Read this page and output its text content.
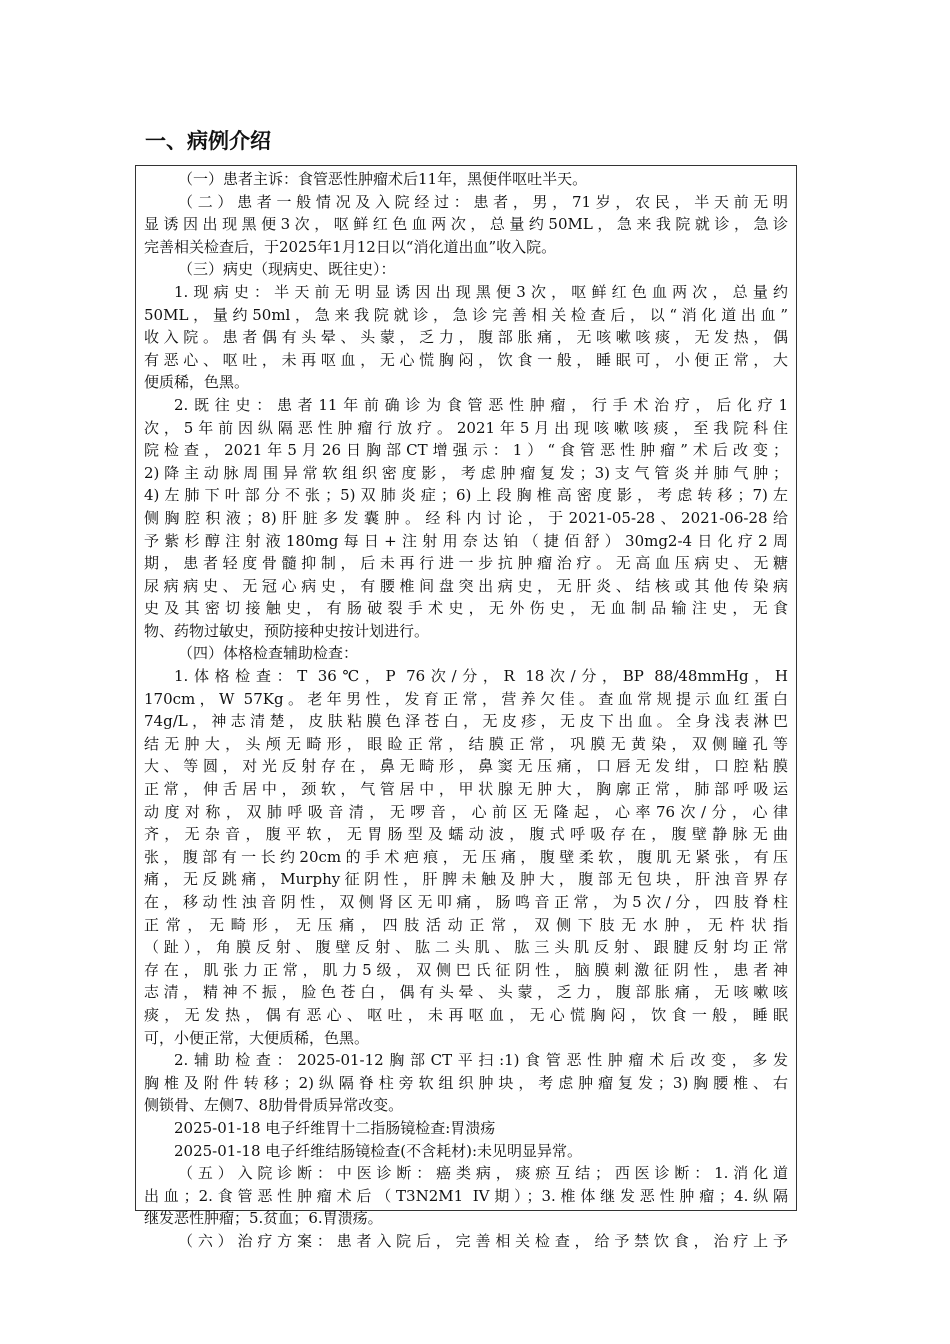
一、病例介绍
（一）患者主诉：食管恶性肿瘤术后11年，黑便伴呕吐半天。
（二）患者一般情况及入院经过：患者，男，71岁，农民，半天前无明
显诱因出现黑便3次，呕鲜红色血两次，总量约50ML，急来我院就诊，急诊
完善相关检查后，于2025年1月12日以“消化道出血”收入院。
（三）病史（现病史、既往史）：
1.现病史：半天前无明显诱因出现黑便3次，呕鲜红色血两次，总量约
50ML，量约50ml，急来我院就诊，急诊完善相关检查后，以“消化道出血”
收入院。患者偶有头晕、头蒙，乏力，腹部胀痛，无咳嗽咳痰，无发热，偶
有恶心、呕吐，未再呕血，无心慌胸闷，饮食一般，睡眠可，小便正常，大
便质稀，色黑。
2.既往史：患者11年前确诊为食管恶性肿瘤，行手术治疗，后化疗1
次，5年前因纵隔恶性肿瘤行放疗。2021年5月出现咳嗽咳痰，至我院科住
院检查，2021年5月26日胸部CT增强示：1）“食管恶性肿瘤”术后改变；
2)降主动脉周围异常软组织密度影，考虑肿瘤复发；3)支气管炎并肺气肿；
4)左肺下叶部分不张；5)双肺炎症；6)上段胸椎高密度影，考虑转移；7)左
侧胸腔积液；8)肝脏多发囊肿。经科内讨论，于2021-05-28、2021-06-28给
予紫杉醇注射液180mg每日+注射用奈达铂（捷佰舒）30mg2-4日化疗2周
期，患者轻度骨髓抑制，后未再行进一步抗肿瘤治疗。无高血压病史、无糖
尿病病史、无冠心病史，有腰椎间盘突出病史，无肝炎、结核或其他传染病
史及其密切接触史，有肠破裂手术史，无外伤史，无血制品输注史，无食
物、药物过敏史，预防接种史按计划进行。
（四）体格检查辅助检查：
1.体格检查：T 36℃，P 76次/分，R 18次/分，BP 88/48mmHg，H
170cm，W 57Kg。老年男性，发育正常，营养欠佳。查血常规提示血红蛋白
74g/L，神志清楚，皮肤粘膜色泽苍白，无皮疹，无皮下出血。全身浅表淋巴
结无肿大，头颅无畸形，眼睑正常，结膜正常，巩膜无黄染，双侧瞳孔等
大、等圆，对光反射存在，鼻无畸形，鼻窦无压痛，口唇无发绀，口腔粘膜
正常，伸舌居中，颈软，气管居中，甲状腺无肿大，胸廓正常，肺部呼吸运
动度对称，双肺呼吸音清，无啰音，心前区无隆起，心率76次/分，心律
齐，无杂音，腹平软，无胃肠型及蠕动波，腹式呼吸存在，腹壁静脉无曲
张，腹部有一长约20cm的手术疤痕，无压痛，腹壁柔软，腹肌无紧张，有压
痛，无反跳痛，Murphy征阴性，肝脾未触及肿大，腹部无包块，肝浊音界存
在，移动性浊音阴性，双侧肾区无叩痛，肠鸣音正常，为5次/分，四肢脊柱
正常，无畸形，无压痛，四肢活动正常，双侧下肢无水肿，无杵状指
（趾），角膜反射、腹壁反射、肱二头肌、肱三头肌反射、跟腱反射均正常
存在，肌张力正常，肌力5级，双侧巴氏征阴性，脑膜刺激征阴性，患者神
志清，精神不振，脸色苍白，偶有头晕、头蒙，乏力，腹部胀痛，无咳嗽咳
痰，无发热，偶有恶心、呕吐，未再呕血，无心慌胸闷，饮食一般，睡眠
可，小便正常，大便质稀，色黑。
2.辅助检查：2025-01-12胸部CT平扫:1)食管恶性肿瘤术后改变，多发
胸椎及附件转移；2)纵隔脊柱旁软组织肿块，考虑肿瘤复发；3)胸腰椎、右
侧锁骨、左侧7、8肋骨骨质异常改变。
2025-01-18 电子纤维胃十二指肠镜检查:胃溃疡
2025-01-18 电子纤维结肠镜检查(不含耗材):未见明显异常。
（五）入院诊断：中医诊断：癌类病，痰瘀互结；西医诊断：1.消化道
出血；2.食管恶性肿瘤术后（T3N2M1 IV期）；3.椎体继发恶性肿瘤；4.纵隔
继发恶性肿瘤；5.贫血；6.胃溃疡。
（六）治疗方案：患者入院后，完善相关检查，给予禁饮食，治疗上予
